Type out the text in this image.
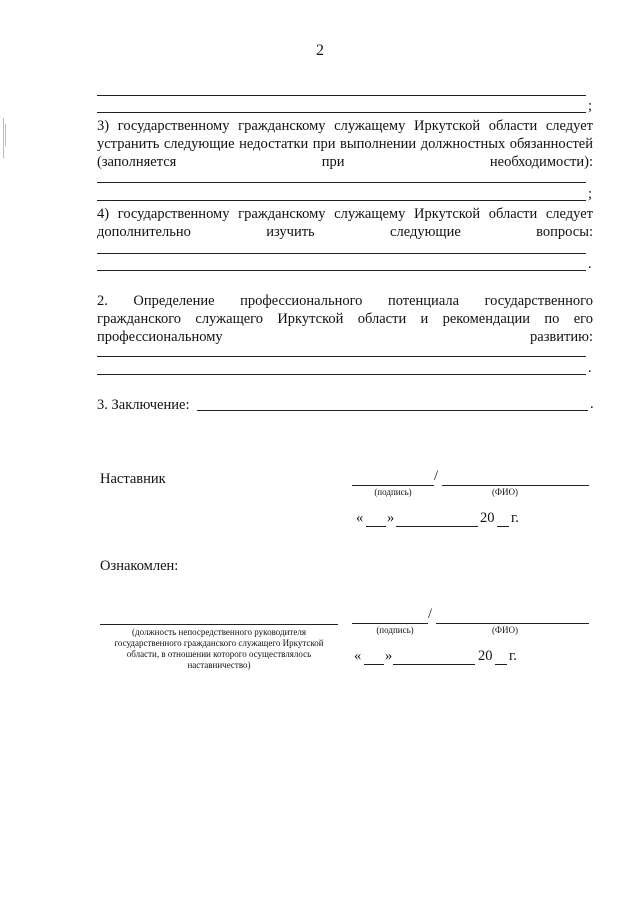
2
;
3) государственному гражданскому служащему Иркутской области следует устранить следующие недостатки при выполнении должностных обязанностей (заполняется при необходимости):
;
4) государственному гражданскому служащему Иркутской области следует дополнительно изучить следующие вопросы:
.
2. Определение профессионального потенциала государственного гражданского служащего Иркутской области и рекомендации по его профессиональному развитию:
.
3. Заключение:	.
Наставник	/
(подпись)	(ФИО)
« »	20 г.
Ознакомлен:
(должность непосредственного руководителя государственного гражданского служащего Иркутской области, в отношении которого осуществлялось наставничество)
/
(подпись)	(ФИО)
« »	20 г.
